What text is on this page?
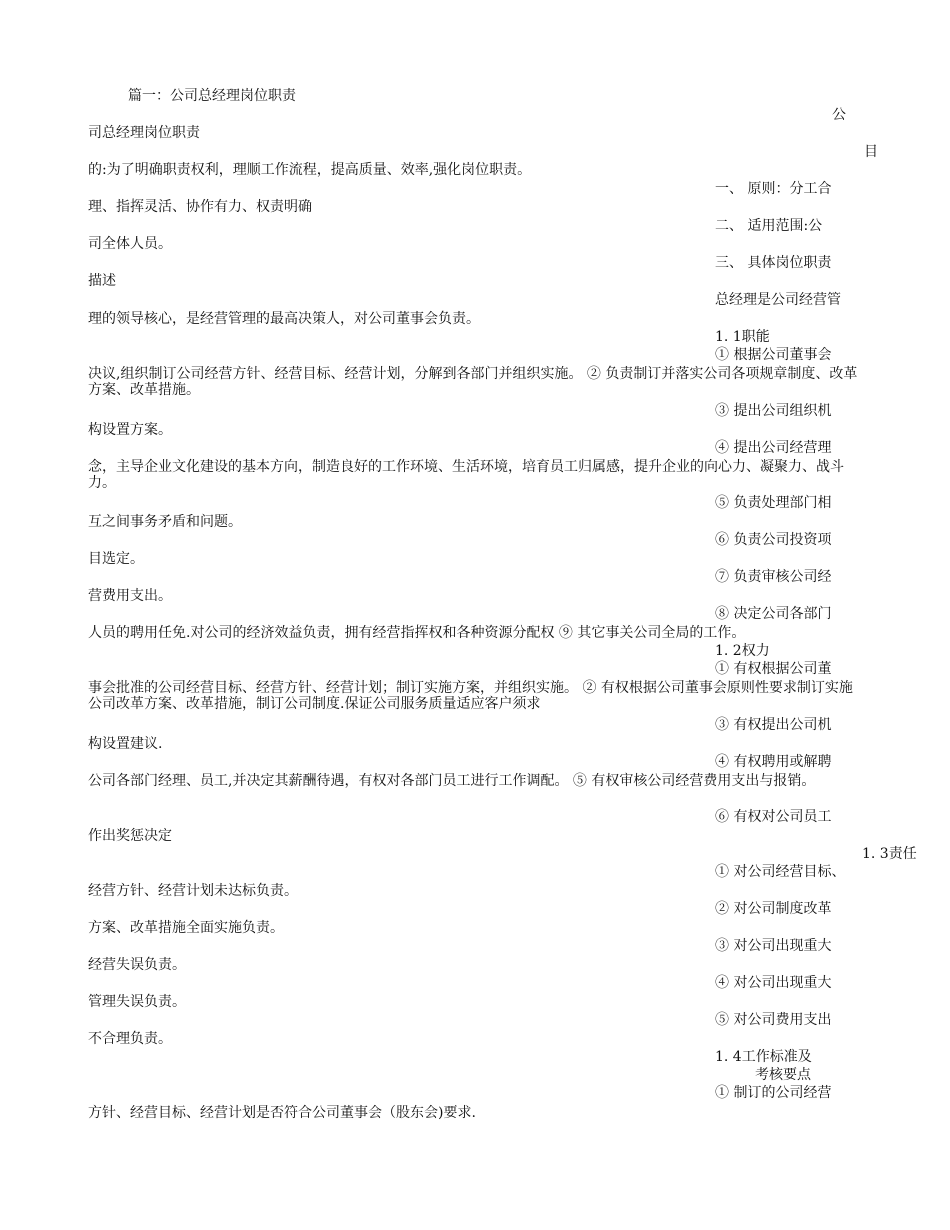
篇一：公司总经理岗位职责

司总经理岗位职责

的:为了明确职责权利，理顺工作流程，提高质量、效率,强化岗位职责。

理、指挥灵活、协作有力、权责明确

司全体人员。

描述

理的领导核心，是经营管理的最高决策人，对公司董事会负责。

决议,组织制订公司经营方针、经营目标、经营计划，分解到各部门并组织实施。 ② 负责制订并落实公司各项规章制度、改革方案、改革措施。

构设置方案。

念，主导企业文化建设的基本方向，制造良好的工作环境、生活环境，培育员工归属感，提升企业的向心力、凝聚力、战斗力。

互之间事务矛盾和问题。

目选定。

营费用支出。

人员的聘用任免.对公司的经济效益负责，拥有经营指挥权和各种资源分配权 ⑨ 其它事关公司全局的工作。

事会批准的公司经营目标、经营方针、经营计划；制订实施方案，并组织实施。 ② 有权根据公司董事会原则性要求制订实施公司改革方案、改革措施，制订公司制度.保证公司服务质量适应客户须求

构设置建议.

公司各部门经理、员工,并决定其薪酬待遇，有权对各部门员工进行工作调配。 ⑤ 有权审核公司经营费用支出与报销。

作出奖惩决定

经营方针、经营计划未达标负责。

方案、改革措施全面实施负责。

经营失误负责。

管理失误负责。

不合理负责。

方针、经营目标、经营计划是否符合公司董事会（股东会)要求.

公

目

一、 原则：分工合

二、 适用范围:公

三、 具体岗位职责

总经理是公司经营管

1. 1职能

① 根据公司董事会

③ 提出公司组织机

④ 提出公司经营理

⑤ 负责处理部门相

⑥ 负责公司投资项

⑦ 负责审核公司经

⑧ 决定公司各部门

1. 2权力

① 有权根据公司董

③ 有权提出公司机

④ 有权聘用或解聘

⑥ 有权对公司员工

1. 3责任

① 对公司经营目标、

② 对公司制度改革

③ 对公司出现重大

④ 对公司出现重大

⑤ 对公司费用支出

1. 4工作标准及

考核要点

① 制订的公司经营
